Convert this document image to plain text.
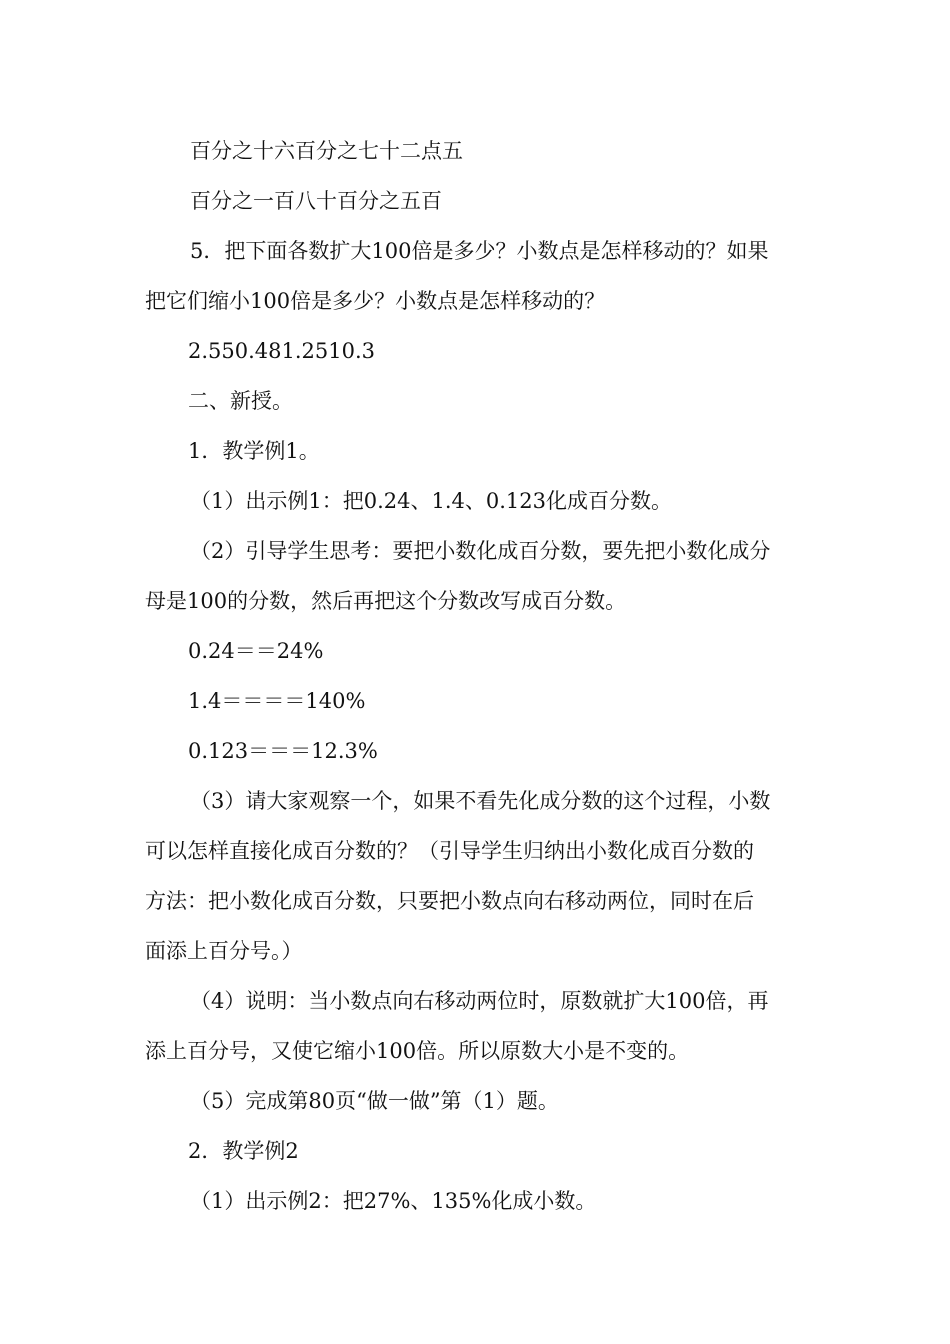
百分之十六百分之七十二点五
百分之一百八十百分之五百
5．把下面各数扩大100倍是多少？小数点是怎样移动的？如果
把它们缩小100倍是多少？小数点是怎样移动的？
2.550.481.2510.3
二、新授。
1．教学例1。
（1）出示例1：把0.24、1.4、0.123化成百分数。
（2）引导学生思考：要把小数化成百分数，要先把小数化成分
母是100的分数，然后再把这个分数改写成百分数。
0.24＝＝24%
1.4＝＝＝＝140%
0.123＝＝＝12.3%
（3）请大家观察一个，如果不看先化成分数的这个过程，小数
可以怎样直接化成百分数的？（引导学生归纳出小数化成百分数的
方法：把小数化成百分数，只要把小数点向右移动两位，同时在后
面添上百分号。）
（4）说明：当小数点向右移动两位时，原数就扩大100倍，再
添上百分号，又使它缩小100倍。所以原数大小是不变的。
（5）完成第80页“做一做”第（1）题。
2．教学例2
（1）出示例2：把27%、135%化成小数。
